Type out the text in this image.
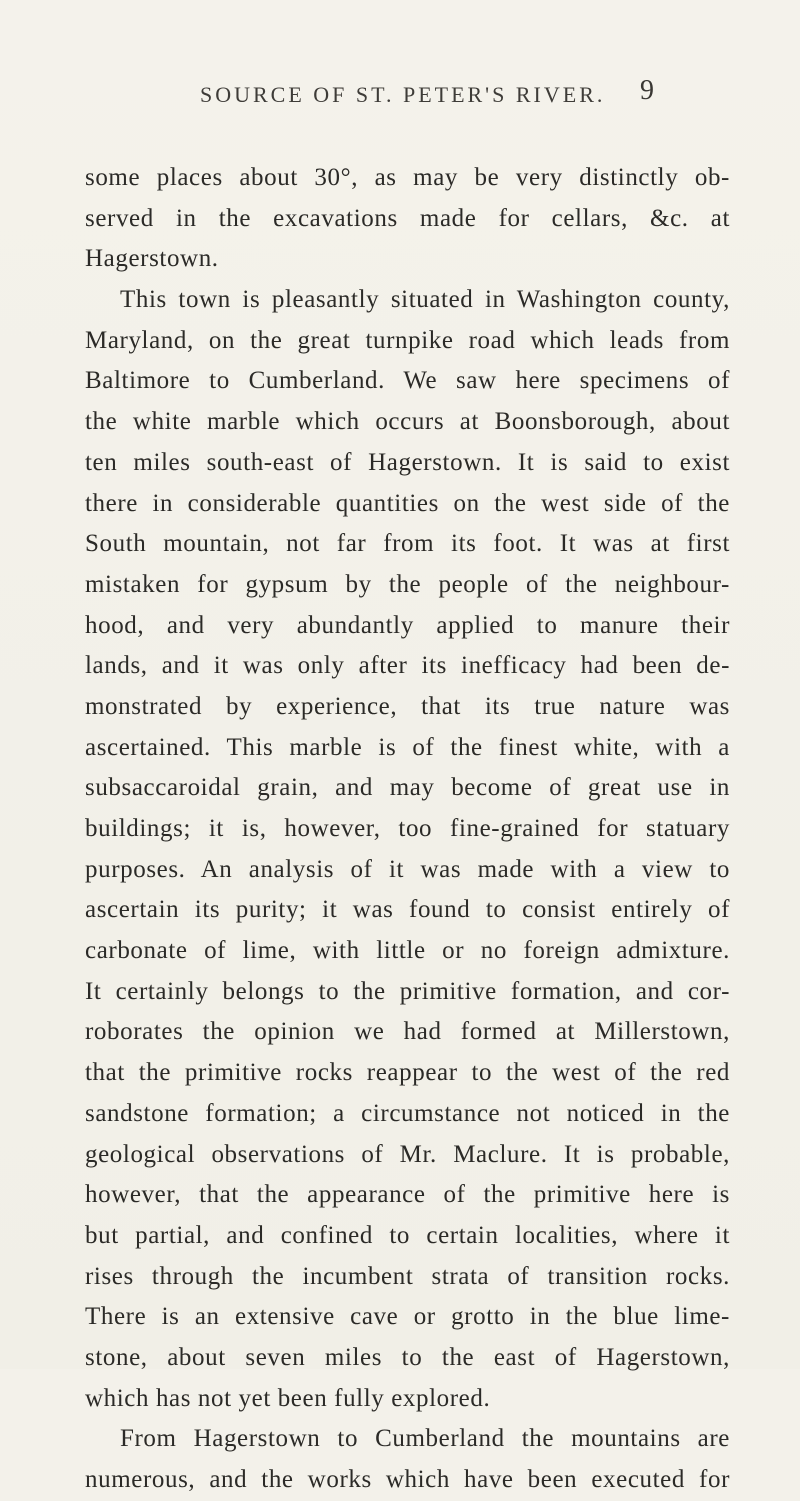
SOURCE OF ST. PETER'S RIVER. 9
some places about 30°, as may be very distinctly ob-
served in the excavations made for cellars, &c. at
Hagerstown.
This town is pleasantly situated in Washington county,
Maryland, on the great turnpike road which leads from
Baltimore to Cumberland. We saw here specimens of
the white marble which occurs at Boonsborough, about
ten miles south-east of Hagerstown. It is said to exist
there in considerable quantities on the west side of the
South mountain, not far from its foot. It was at first
mistaken for gypsum by the people of the neighbour-
hood, and very abundantly applied to manure their
lands, and it was only after its inefficacy had been de-
monstrated by experience, that its true nature was
ascertained. This marble is of the finest white, with a
subsaccaroidal grain, and may become of great use in
buildings; it is, however, too fine-grained for statuary
purposes. An analysis of it was made with a view to
ascertain its purity; it was found to consist entirely of
carbonate of lime, with little or no foreign admixture.
It certainly belongs to the primitive formation, and cor-
roborates the opinion we had formed at Millerstown,
that the primitive rocks reappear to the west of the red
sandstone formation; a circumstance not noticed in the
geological observations of Mr. Maclure. It is probable,
however, that the appearance of the primitive here is
but partial, and confined to certain localities, where it
rises through the incumbent strata of transition rocks.
There is an extensive cave or grotto in the blue lime-
stone, about seven miles to the east of Hagerstown,
which has not yet been fully explored.
From Hagerstown to Cumberland the mountains are
numerous, and the works which have been executed for
